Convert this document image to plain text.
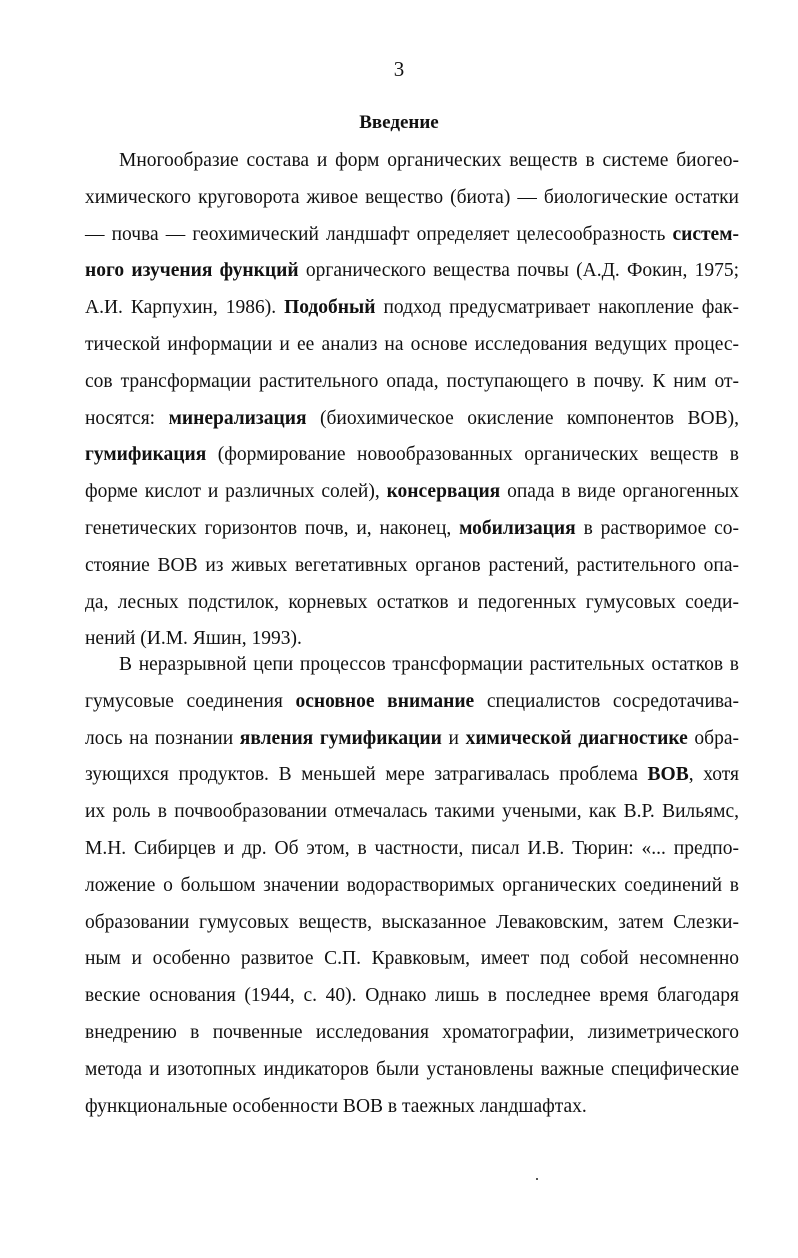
3
Введение
Многообразие состава и форм органических веществ в системе биогео-
химического круговорота живое вещество (биота) — биологические остатки
— почва — геохимический ландшафт определяет целесообразность систем-
ного изучения функций органического вещества почвы (А.Д. Фокин, 1975;
А.И. Карпухин, 1986). Подобный подход предусматривает накопление фак-
тической информации и ее анализ на основе исследования ведущих процес-
сов трансформации растительного опада, поступающего в почву. К ним от-
носятся: минерализация (биохимическое окисление компонентов ВОВ),
гумификация (формирование новообразованных органических веществ в
форме кислот и различных солей), консервация опада в виде органогенных
генетических горизонтов почв, и, наконец, мобилизация в растворимое со-
стояние ВОВ из живых вегетативных органов растений, растительного опа-
да, лесных подстилок, корневых остатков и педогенных гумусовых соеди-
нений (И.М. Яшин, 1993).
В неразрывной цепи процессов трансформации растительных остатков в
гумусовые соединения основное внимание специалистов сосредотачива-
лось на познании явления гумификации и химической диагностике обра-
зующихся продуктов. В меньшей мере затрагивалась проблема ВОВ, хотя
их роль в почвообразовании отмечалась такими учеными, как В.Р. Вильямс,
М.Н. Сибирцев и др. Об этом, в частности, писал И.В. Тюрин: «... предпо-
ложение о большом значении водорастворимых органических соединений в
образовании гумусовых веществ, высказанное Леваковским, затем Слезки-
ным и особенно развитое С.П. Кравковым, имеет под собой несомненно
веские основания (1944, с. 40). Однако лишь в последнее время благодаря
внедрению в почвенные исследования хроматографии, лизиметрического
метода и изотопных индикаторов были установлены важные специфические
функциональные особенности ВОВ в таежных ландшафтах.
